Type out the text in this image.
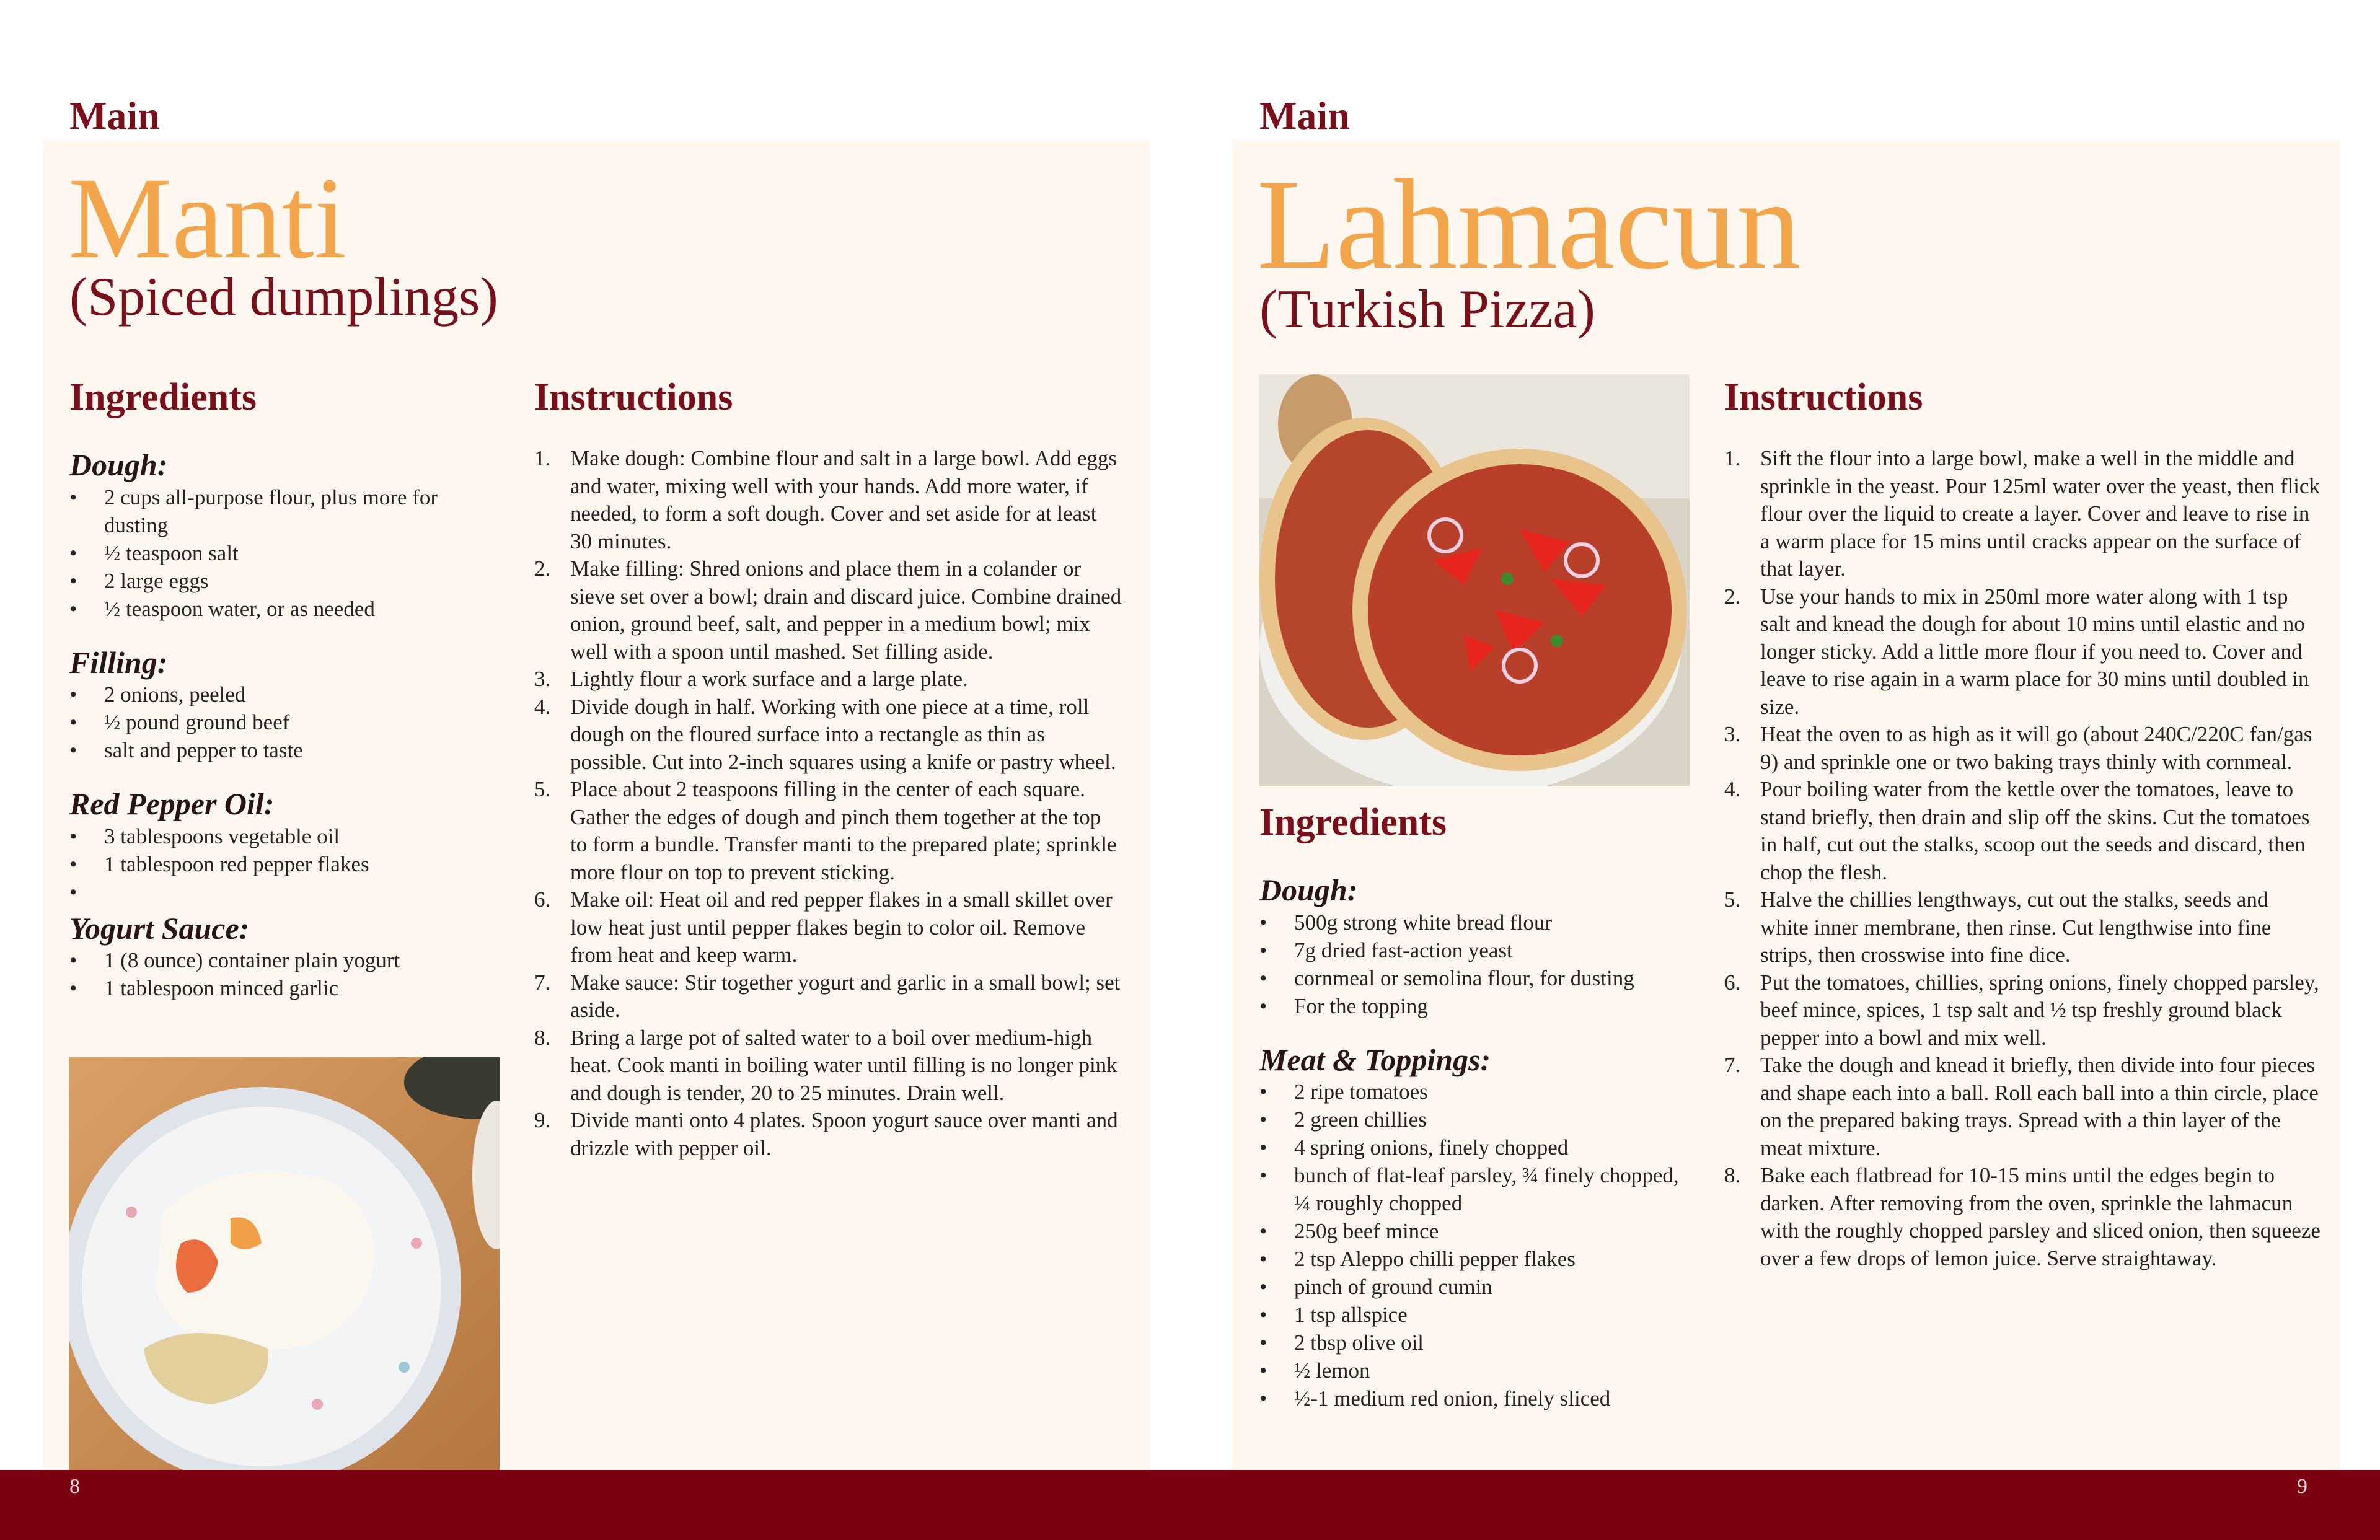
Main
Manti
(Spiced dumplings)
Ingredients	Instructions
Dough:
•	2 cups all-purpose flour, plus more for dusting
•	½ teaspoon salt
•	2 large eggs
•	½ teaspoon water, or as needed
Filling:
•	2 onions, peeled
•	½ pound ground beef
•	salt and pepper to taste
Red Pepper Oil:
•	3 tablespoons vegetable oil
•	1 tablespoon red pepper flakes
•
Yogurt Sauce:
•	1 (8 ounce) container plain yogurt
•	1 tablespoon minced garlic
1. Make dough: Combine flour and salt in a large bowl. Add eggs and water, mixing well with your hands. Add more water, if needed, to form a soft dough. Cover and set aside for at least 30 minutes.
2. Make filling: Shred onions and place them in a colander or sieve set over a bowl; drain and discard juice. Combine drained onion, ground beef, salt, and pepper in a medium bowl; mix well with a spoon until mashed. Set filling aside.
3. Lightly flour a work surface and a large plate.
4. Divide dough in half. Working with one piece at a time, roll dough on the floured surface into a rectangle as thin as possible. Cut into 2-inch squares using a knife or pastry wheel.
5. Place about 2 teaspoons filling in the center of each square. Gather the edges of dough and pinch them together at the top to form a bundle. Transfer manti to the prepared plate; sprinkle more flour on top to prevent sticking.
6. Make oil: Heat oil and red pepper flakes in a small skillet over low heat just until pepper flakes begin to color oil. Remove from heat and keep warm.
7. Make sauce: Stir together yogurt and garlic in a small bowl; set aside.
8. Bring a large pot of salted water to a boil over medium-high heat. Cook manti in boiling water until filling is no longer pink and dough is tender, 20 to 25 minutes. Drain well.
9. Divide manti onto 4 plates. Spoon yogurt sauce over manti and drizzle with pepper oil.
Main
Lahmacun
(Turkish Pizza)
Ingredients
Instructions
Dough:
•	500g strong white bread flour
•	7g dried fast-action yeast
•	cornmeal or semolina flour, for dusting
•	For the topping
Meat & Toppings:
•	2 ripe tomatoes
•	2 green chillies
•	4 spring onions, finely chopped
•	bunch of flat-leaf parsley, ¾ finely chopped, ¼ roughly chopped
•	250g beef mince
•	2 tsp Aleppo chilli pepper flakes
•	pinch of ground cumin
•	1 tsp allspice
•	2 tbsp olive oil
•	½ lemon
•	½-1 medium red onion, finely sliced
1. Sift the flour into a large bowl, make a well in the middle and sprinkle in the yeast. Pour 125ml water over the yeast, then flick flour over the liquid to create a layer. Cover and leave to rise in a warm place for 15 mins until cracks appear on the surface of that layer.
2. Use your hands to mix in 250ml more water along with 1 tsp salt and knead the dough for about 10 mins until elastic and no longer sticky. Add a little more flour if you need to. Cover and leave to rise again in a warm place for 30 mins until doubled in size.
3. Heat the oven to as high as it will go (about 240C/220C fan/gas 9) and sprinkle one or two baking trays thinly with cornmeal.
4. Pour boiling water from the kettle over the tomatoes, leave to stand briefly, then drain and slip off the skins. Cut the tomatoes in half, cut out the stalks, scoop out the seeds and discard, then chop the flesh.
5. Halve the chillies lengthways, cut out the stalks, seeds and white inner membrane, then rinse. Cut lengthwise into fine strips, then crosswise into fine dice.
6. Put the tomatoes, chillies, spring onions, finely chopped parsley, beef mince, spices, 1 tsp salt and ½ tsp freshly ground black pepper into a bowl and mix well.
7. Take the dough and knead it briefly, then divide into four pieces and shape each into a ball. Roll each ball into a thin circle, place on the prepared baking trays. Spread with a thin layer of the meat mixture.
8. Bake each flatbread for 10-15 mins until the edges begin to darken. After removing from the oven, sprinkle the lahmacun with the roughly chopped parsley and sliced onion, then squeeze over a few drops of lemon juice. Serve straightaway.
8	9
